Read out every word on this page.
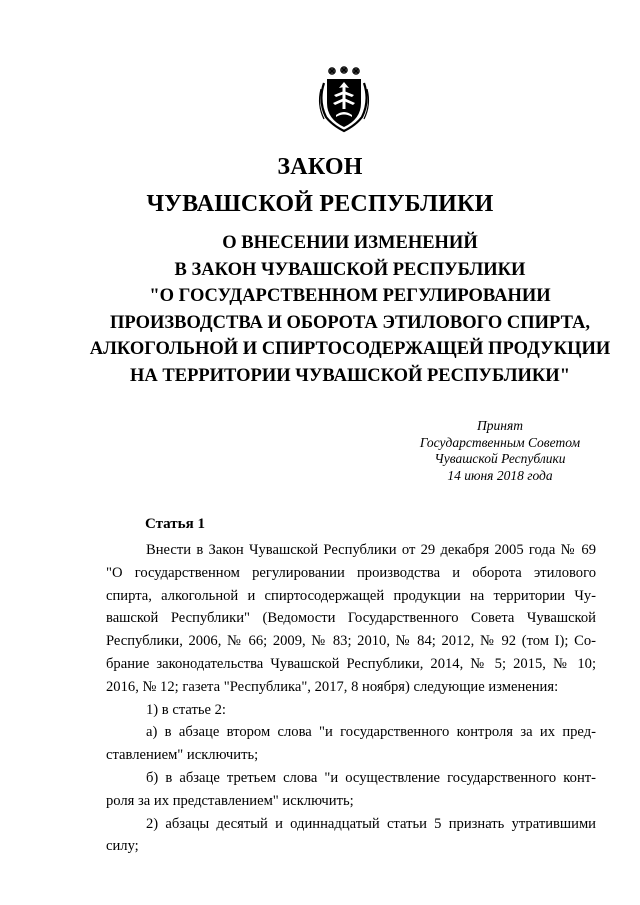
ЗАКОН
ЧУВАШСКОЙ РЕСПУБЛИКИ
О ВНЕСЕНИИ ИЗМЕНЕНИЙ
В ЗАКОН ЧУВАШСКОЙ РЕСПУБЛИКИ
"О ГОСУДАРСТВЕННОМ РЕГУЛИРОВАНИИ
ПРОИЗВОДСТВА И ОБОРОТА ЭТИЛОВОГО СПИРТА,
АЛКОГОЛЬНОЙ И СПИРТОСОДЕРЖАЩЕЙ ПРОДУКЦИИ
НА ТЕРРИТОРИИ ЧУВАШСКОЙ РЕСПУБЛИКИ"
Принят
Государственным Советом
Чувашской Республики
14 июня 2018 года
Статья 1
Внести в Закон Чувашской Республики от 29 декабря 2005 года № 69
"О государственном регулировании производства и оборота этилового
спирта, алкогольной и спиртосодержащей продукции на территории Чу-
вашской Республики" (Ведомости Государственного Совета Чувашской
Республики, 2006, № 66; 2009, № 83; 2010, № 84; 2012, № 92 (том I); Со-
брание законодательства Чувашской Республики, 2014, № 5; 2015, № 10;
2016, № 12; газета "Республика", 2017, 8 ноября) следующие изменения:
1) в статье 2:
а) в абзаце втором слова "и государственного контроля за их пред-
ставлением" исключить;
б) в абзаце третьем слова "и осуществление государственного конт-
роля за их представлением" исключить;
2) абзацы десятый и одиннадцатый статьи 5 признать утратившими
силу;
